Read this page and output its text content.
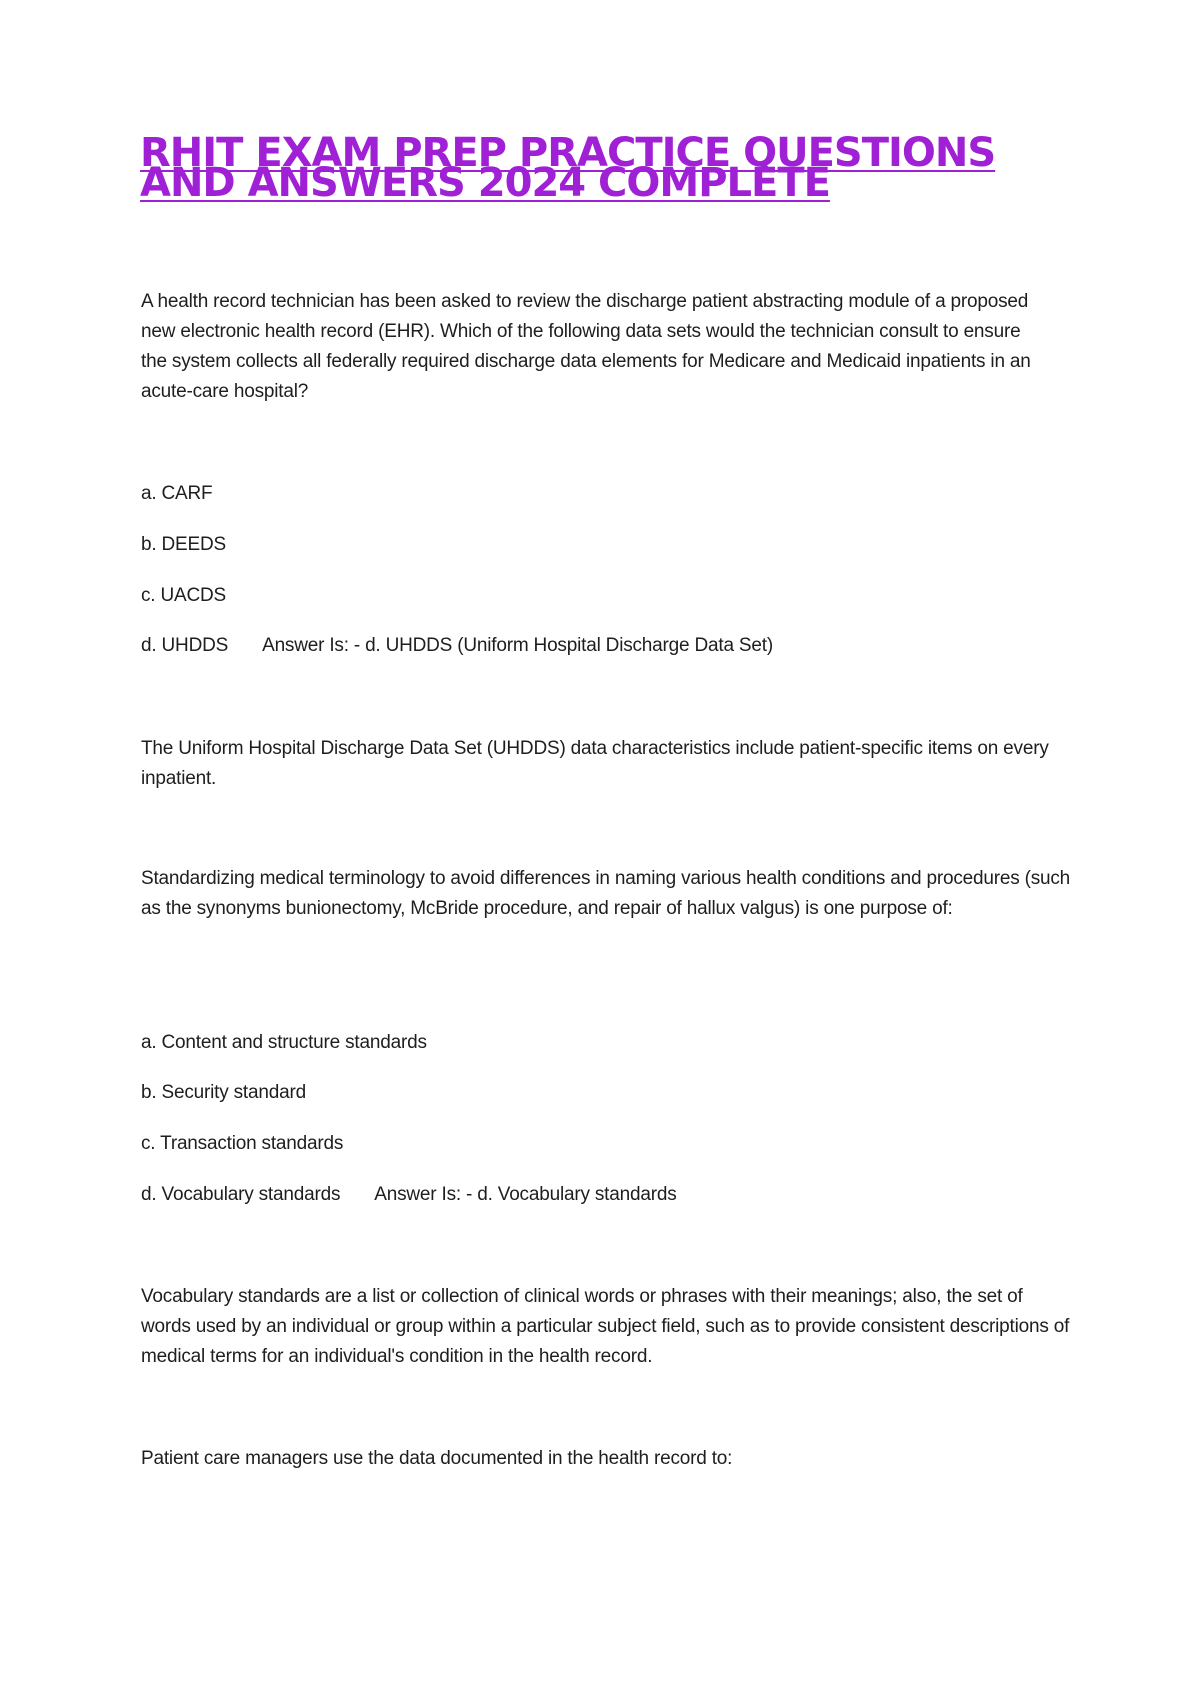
RHIT EXAM PREP PRACTICE QUESTIONS AND ANSWERS 2024 COMPLETE

A health record technician has been asked to review the discharge patient abstracting module of a proposed new electronic health record (EHR). Which of the following data sets would the technician consult to ensure the system collects all federally required discharge data elements for Medicare and Medicaid inpatients in an acute-care hospital?

a. CARF

b. DEEDS

c. UACDS

d. UHDDS Answer Is: - d. UHDDS (Uniform Hospital Discharge Data Set)

The Uniform Hospital Discharge Data Set (UHDDS) data characteristics include patient-specific items on every inpatient.

Standardizing medical terminology to avoid differences in naming various health conditions and procedures (such as the synonyms bunionectomy, McBride procedure, and repair of hallux valgus) is one purpose of:

a. Content and structure standards

b. Security standard

c. Transaction standards

d. Vocabulary standards Answer Is: - d. Vocabulary standards

Vocabulary standards are a list or collection of clinical words or phrases with their meanings; also, the set of words used by an individual or group within a particular subject field, such as to provide consistent descriptions of medical terms for an individual's condition in the health record.

Patient care managers use the data documented in the health record to:
